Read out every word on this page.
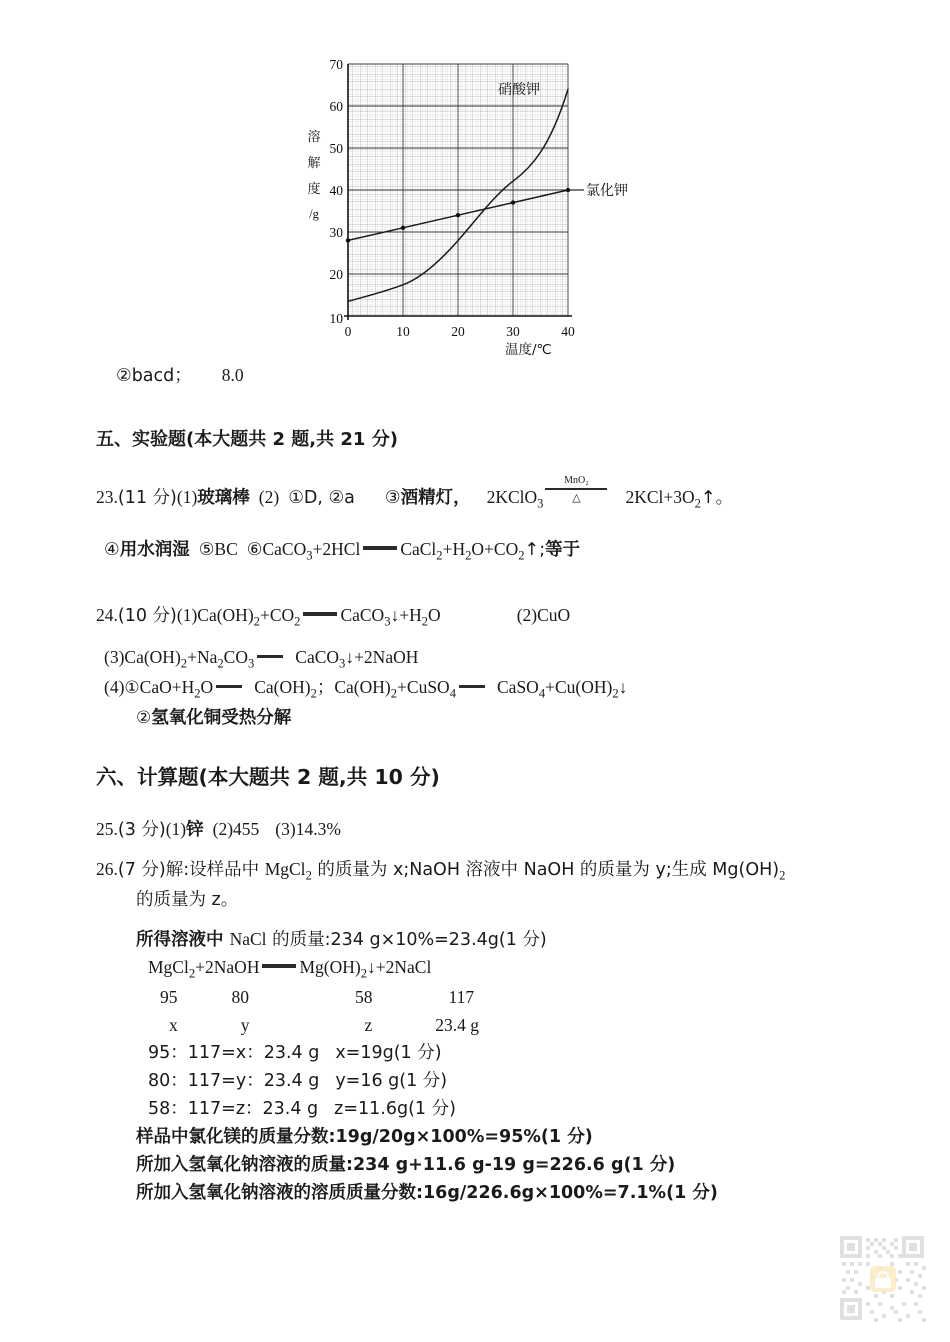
70
60
50
40
30
20
10
0	10	20	30	40
溶
解
度
/g
温度/℃
硝酸钾
氯化钾
②bacd； 8.0
五、实验题(本大题共 2 题,共 21 分)
23.(11 分)(1)玻璃棒 (2) ①D, ②a ③酒精灯， 2KClO$_3$
MnO₂
△	$2KCl+3O_2↑$。
④用水润湿 ⑤BC ⑥CaCO$_3$+2HCl $CaCl_2+H_2O+CO_2↑$;等于
24.(10 分)$(1)Ca(OH)_2+CO_2$ $CaCO_3↓+H_2O$	(2)CuO
$(3)Ca(OH)_2+Na_2CO_3$ CaCO$_3$↓+2NaOH
$(4)①CaO+H_2O$ $Ca(OH)_2$；$Ca(OH)_2+CuSO_4$ $CaSO_4+Cu(OH)_2↓$
②氢氧化铜受热分解
六、计算题(本大题共 2 题,共 10 分)
25.(3 分)(1)锌 (2)455 (3)14.3%
26.(7 分)解:设样品中 MgCl$_2$ 的质量为 x;NaOH 溶液中 NaOH 的质量为 y;生成 $Mg(OH)_2$
的质量为 z。
所得溶液中 NaCl 的质量:234 g×10%=23.4g(1 分)
MgCl$_2$+2NaOH $Mg(OH)_2↓+2NaCl$
95	80	58	117
x	y	z	23.4 g
95：117=x：23.4 g x=19g(1 分)
80：117=y：23.4 g y=16 g(1 分)
58：117=z：23.4 g z=11.6g(1 分)
样品中氯化镁的质量分数:19g/20g×100%=95%(1 分)
所加入氢氧化钠溶液的质量:234 g+11.6 g-19 g=226.6 g(1 分)
所加入氢氧化钠溶液的溶质质量分数:16g/226.6g×100%=7.1%(1 分)
